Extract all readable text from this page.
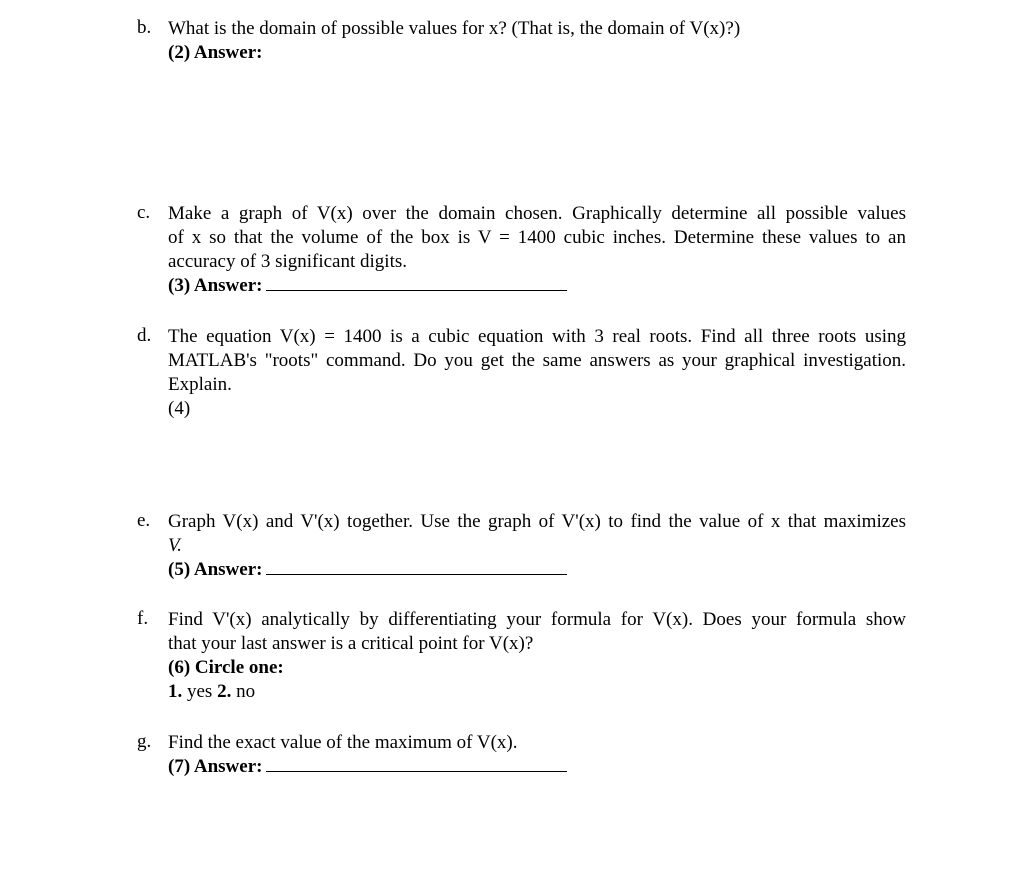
b. What is the domain of possible values for x? (That is, the domain of V(x)?)
(2) Answer:
c. Make a graph of V(x) over the domain chosen. Graphically determine all possible values
of x so that the volume of the box is V = 1400 cubic inches. Determine these values to an
accuracy of 3 significant digits.
(3) Answer:
d. The equation V(x) = 1400 is a cubic equation with 3 real roots. Find all three roots using
MATLAB's "roots" command. Do you get the same answers as your graphical investigation.
Explain.
(4)
e. Graph V(x) and V'(x) together. Use the graph of V'(x) to find the value of x that maximizes
V.
(5) Answer:
f. Find V'(x) analytically by differentiating your formula for V(x). Does your formula show
that your last answer is a critical point for V(x)?
(6) Circle one:
1. yes 2. no
g. Find the exact value of the maximum of V(x).
(7) Answer:
